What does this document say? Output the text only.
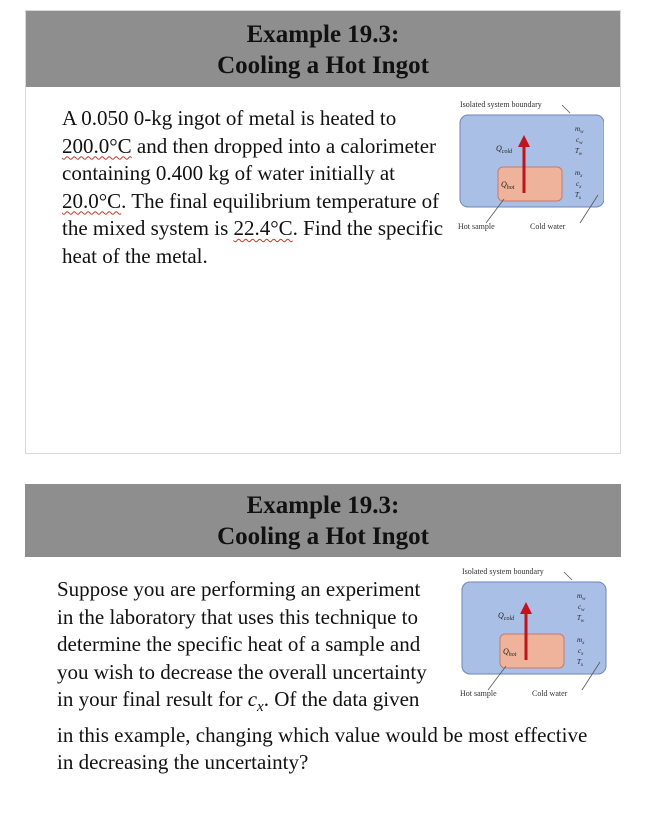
Example 19.3:
Cooling a Hot Ingot
Isolated system boundary
$Q_{cold}$
$Q_{hot}$
$m_w$
$c_w$
$T_w$
$m_x$
$c_x$
$T_x$
Hot sample	Cold water
A 0.050 0-kg ingot of metal is heated to 200.0°C and then dropped into a calorimeter containing 0.400 kg of water initially at 20.0°C. The final equilibrium temperature of the mixed system is 22.4°C. Find the specific heat of the metal.
Example 19.3:
Cooling a Hot Ingot
Isolated system boundary
$Q_{cold}$
$Q_{hot}$
$m_w$
$c_w$
$T_w$
$m_x$
$c_x$
$T_x$
Hot sample	Cold water
Suppose you are performing an experiment in the laboratory that uses this technique to determine the specific heat of a sample and you wish to decrease the overall uncertainty in your final result for $c_x$. Of the data given in this example, changing which value would be most effective in decreasing the uncertainty?
